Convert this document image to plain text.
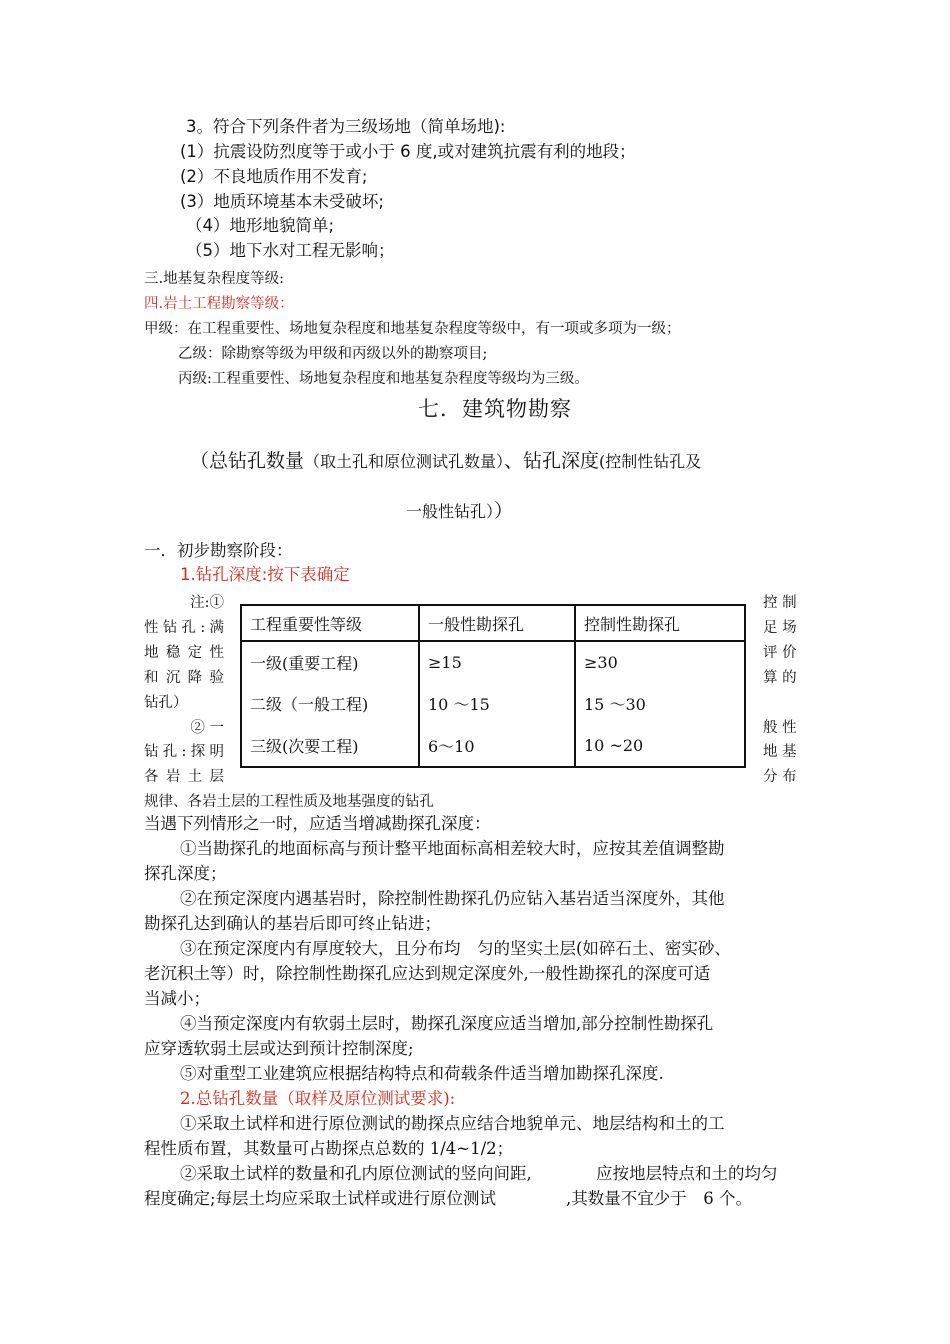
3。符合下列条件者为三级场地（简单场地):
(1）抗震设防烈度等于或小于 6 度,或对建筑抗震有利的地段；
(2）不良地质作用不发育;
(3）地质环境基本未受破坏;
（4）地形地貌简单;
（5）地下水对工程无影响；
三.地基复杂程度等级:
四.岩土工程勘察等级：
甲级：在工程重要性、场地复杂程度和地基复杂程度等级中，有一项或多项为一级；
乙级：除勘察等级为甲级和丙级以外的勘察项目;
丙级:工程重要性、场地复杂程度和地基复杂程度等级均为三级。
七．建筑物勘察
（总钻孔数量（取土孔和原位测试孔数量）、钻孔深度(控制性钻孔及
一般性钻孔））
一．初步勘察阶段：
1.钻孔深度:按下表确定
注:①
性钻孔:满
地稳定性
和沉降验
钻孔）
② 一
钻孔:探明
各岩土层
控 制
足 场
评 价
算 的
般 性
地 基
分 布
工程重要性等级	一般性勘探孔	控制性勘探孔
一级(重要工程)	≥15	≥30
二级（一般工程)	10 ～15	15 ～30
三级(次要工程)	6～10	10 ~20
规律、各岩土层的工程性质及地基强度的钻孔
当遇下列情形之一时，应适当增减勘探孔深度：
①当勘探孔的地面标高与预计整平地面标高相差较大时，应按其差值调整勘
探孔深度；
②在预定深度内遇基岩时，除控制性勘探孔仍应钻入基岩适当深度外，其他
勘探孔达到确认的基岩后即可终止钻进；
③在预定深度内有厚度较大，且分布均　匀的坚实土层(如碎石土、密实砂、
老沉积土等）时，除控制性勘探孔应达到规定深度外,一般性勘探孔的深度可适
当减小；
④当预定深度内有软弱土层时，勘探孔深度应适当增加,部分控制性勘探孔
应穿透软弱土层或达到预计控制深度;
⑤对重型工业建筑应根据结构特点和荷载条件适当增加勘探孔深度.
2.总钻孔数量（取样及原位测试要求):
①采取土试样和进行原位测试的勘探点应结合地貌单元、地层结构和土的工
程性质布置，其数量可占勘探点总数的 1/4~1/2；
②采取土试样的数量和孔内原位测试的竖向间距,	应按地层特点和土的均匀
程度确定;每层土均应采取土试样或进行原位测试	,其数量不宜少于　6 个。
